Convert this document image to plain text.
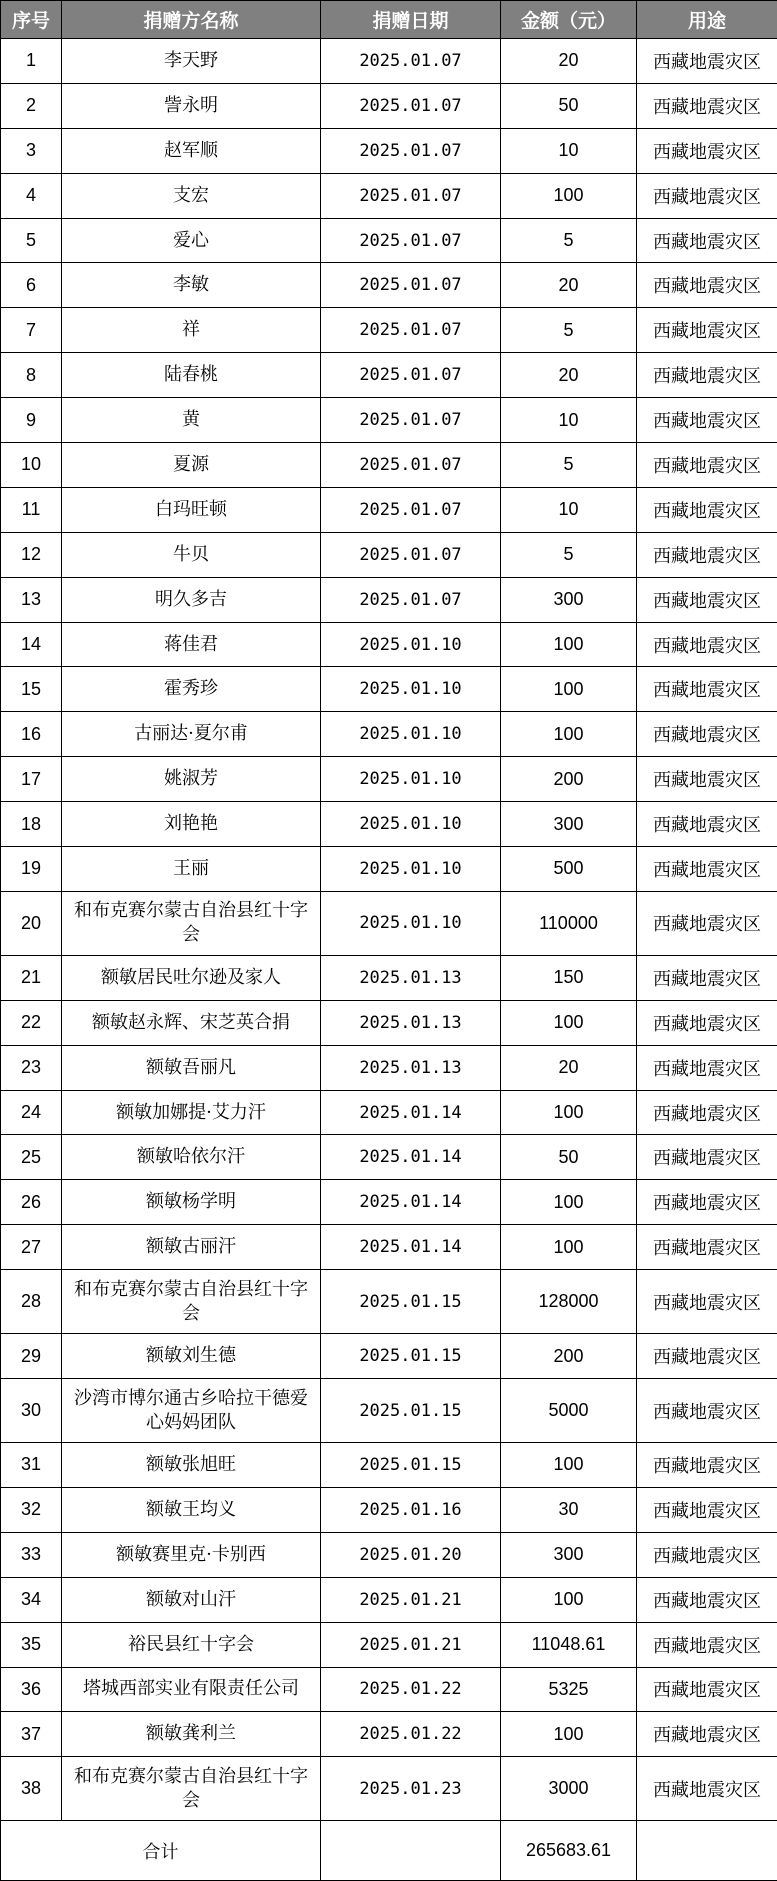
序号	捐赠方名称	捐赠日期	金额（元）	用途
1	李天野	2025.01.07	20	西藏地震灾区
2	訾永明	2025.01.07	50	西藏地震灾区
3	赵军顺	2025.01.07	10	西藏地震灾区
4	支宏	2025.01.07	100	西藏地震灾区
5	爱心	2025.01.07	5	西藏地震灾区
6	李敏	2025.01.07	20	西藏地震灾区
7	祥	2025.01.07	5	西藏地震灾区
8	陆春桃	2025.01.07	20	西藏地震灾区
9	黄	2025.01.07	10	西藏地震灾区
10	夏源	2025.01.07	5	西藏地震灾区
11	白玛旺顿	2025.01.07	10	西藏地震灾区
12	牛贝	2025.01.07	5	西藏地震灾区
13	明久多吉	2025.01.07	300	西藏地震灾区
14	蒋佳君	2025.01.10	100	西藏地震灾区
15	霍秀珍	2025.01.10	100	西藏地震灾区
16	古丽达·夏尔甫	2025.01.10	100	西藏地震灾区
17	姚淑芳	2025.01.10	200	西藏地震灾区
18	刘艳艳	2025.01.10	300	西藏地震灾区
19	王丽	2025.01.10	500	西藏地震灾区
20	和布克赛尔蒙古自治县红十字会	2025.01.10	110000	西藏地震灾区
21	额敏居民吐尔逊及家人	2025.01.13	150	西藏地震灾区
22	额敏赵永辉、宋芝英合捐	2025.01.13	100	西藏地震灾区
23	额敏吾丽凡	2025.01.13	20	西藏地震灾区
24	额敏加娜提·艾力汗	2025.01.14	100	西藏地震灾区
25	额敏哈依尔汗	2025.01.14	50	西藏地震灾区
26	额敏杨学明	2025.01.14	100	西藏地震灾区
27	额敏古丽汗	2025.01.14	100	西藏地震灾区
28	和布克赛尔蒙古自治县红十字会	2025.01.15	128000	西藏地震灾区
29	额敏刘生德	2025.01.15	200	西藏地震灾区
30	沙湾市博尔通古乡哈拉干德爱心妈妈团队	2025.01.15	5000	西藏地震灾区
31	额敏张旭旺	2025.01.15	100	西藏地震灾区
32	额敏王均义	2025.01.16	30	西藏地震灾区
33	额敏赛里克·卡别西	2025.01.20	300	西藏地震灾区
34	额敏对山汗	2025.01.21	100	西藏地震灾区
35	裕民县红十字会	2025.01.21	11048.61	西藏地震灾区
36	塔城西部实业有限责任公司	2025.01.22	5325	西藏地震灾区
37	额敏龚利兰	2025.01.22	100	西藏地震灾区
38	和布克赛尔蒙古自治县红十字会	2025.01.23	3000	西藏地震灾区
合计			265683.61	
